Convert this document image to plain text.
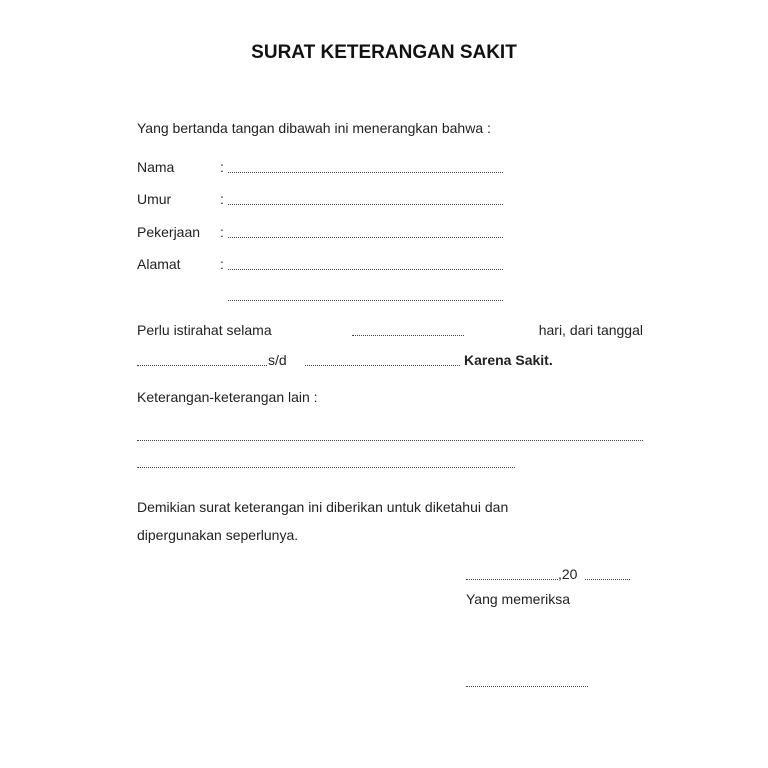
SURAT KETERANGAN SAKIT
Yang bertanda tangan dibawah ini menerangkan bahwa :
Nama
Umur
Pekerjaan
Alamat
:
:
:
:
Perlu istirahat selama	hari, dari tanggal
s/d	Karena Sakit.
Keterangan-keterangan lain :
Demikian surat keterangan ini diberikan untuk diketahui dan
dipergunakan seperlunya.
,20
Yang memeriksa
